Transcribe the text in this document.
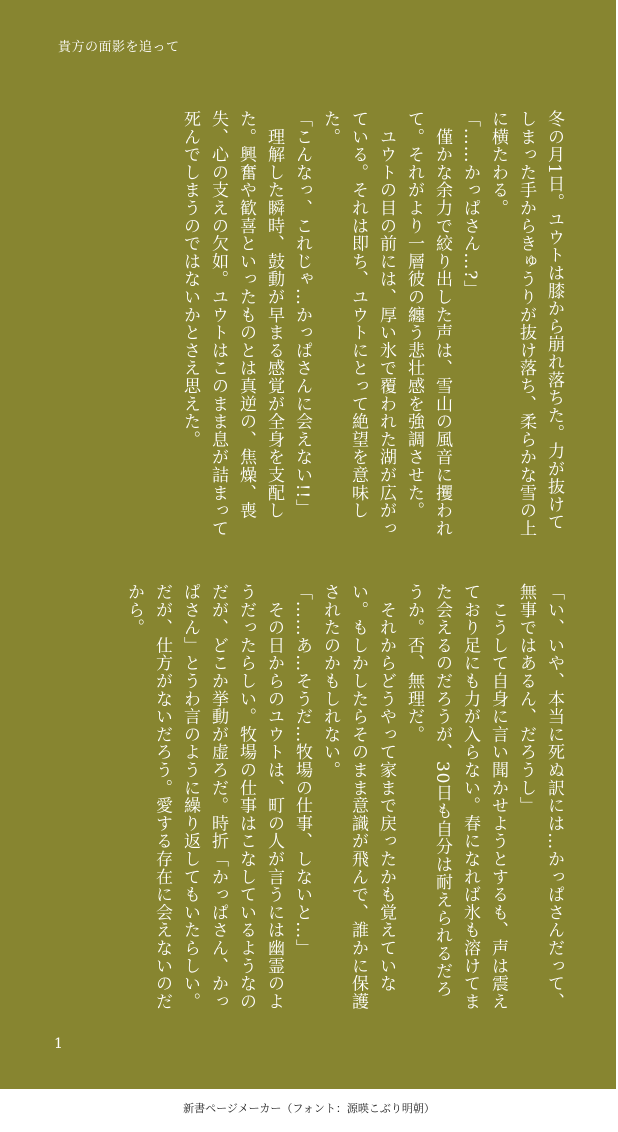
貴方の面影を追って

冬の月1日。ユウトは膝から崩れ落ちた。力が抜けてしまった手からきゅうりが抜け落ち、柔らかな雪の上に横たわる。

「……かっぱさん…?」

　僅かな余力で絞り出した声は、雪山の風音に攫われて。それがより一層彼の纏う悲壮感を強調させた。

　ユウトの目の前には、厚い氷で覆われた湖が広がっている。それは即ち、ユウトにとって絶望を意味した。

「こんなっ、これじゃ…かっぱさんに会えない!!」

　理解した瞬時、鼓動が早まる感覚が全身を支配した。興奮や歓喜といったものとは真逆の、焦燥、喪失、心の支えの欠如。ユウトはこのまま息が詰まって死んでしまうのではないかとさえ思えた。

「い、いや、本当に死ぬ訳には…かっぱさんだって、無事ではあるん、だろうし」

　こうして自身に言い聞かせようとするも、声は震えており足にも力が入らない。春になれば氷も溶けてまた会えるのだろうが、30日も自分は耐えられるだろうか。否、無理だ。

　それからどうやって家まで戻ったかも覚えていない。もしかしたらそのまま意識が飛んで、誰かに保護されたのかもしれない。

「……あ…そうだ…牧場の仕事、しないと…」

　その日からのユウトは、町の人が言うには幽霊のようだったらしい。牧場の仕事はこなしているようなのだが、どこか挙動が虚ろだ。時折「かっぱさん、かっぱさん」とうわ言のように繰り返してもいたらしい。だが、仕方がないだろう。愛する存在に会えないのだから。

1
新書ページメーカー（フォント：源暎こぶり明朝）
